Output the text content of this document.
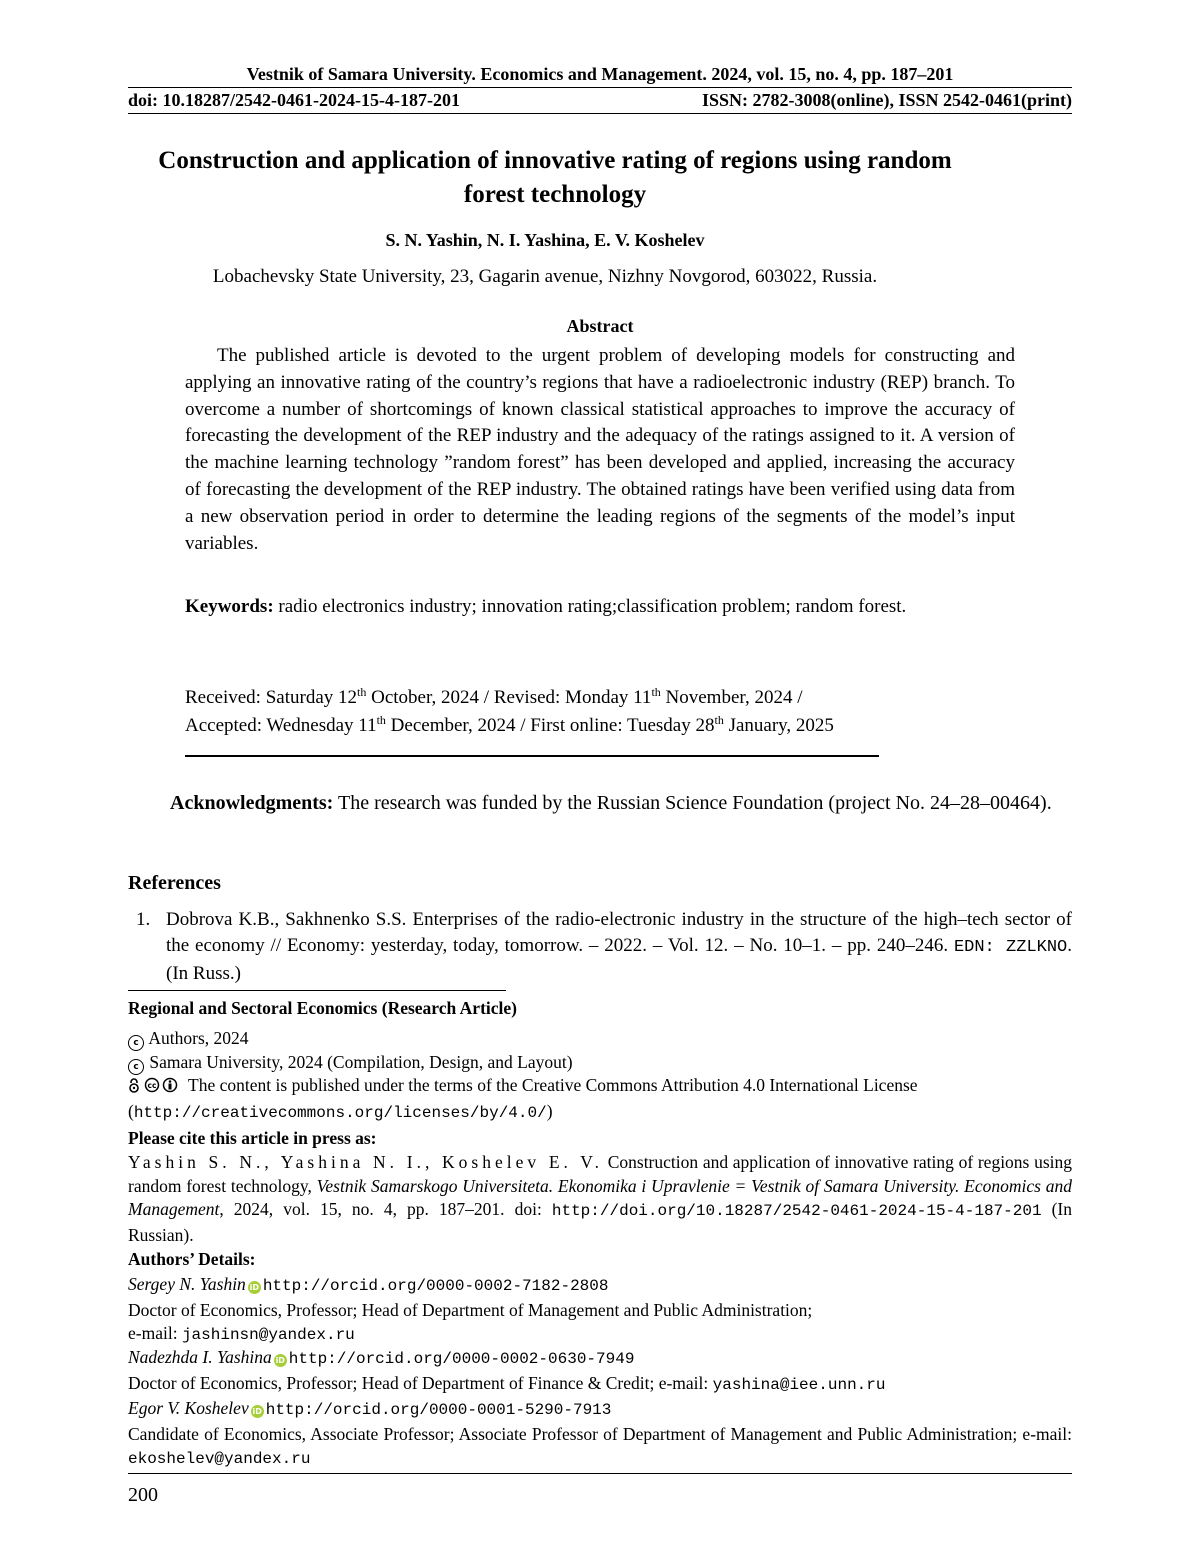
Vestnik of Samara University. Economics and Management. 2024, vol. 15, no. 4, pp. 187–201
doi: 10.18287/2542-0461-2024-15-4-187-201	ISSN: 2782-3008(online), ISSN 2542-0461(print)
Construction and application of innovative rating of regions using random forest technology
S. N. Yashin, N. I. Yashina, E. V. Koshelev
Lobachevsky State University, 23, Gagarin avenue, Nizhny Novgorod, 603022, Russia.
Abstract
The published article is devoted to the urgent problem of developing models for constructing and applying an innovative rating of the country’s regions that have a radioelectronic industry (REP) branch. To overcome a number of shortcomings of known classical statistical approaches to improve the accuracy of forecasting the development of the REP industry and the adequacy of the ratings assigned to it. A version of the machine learning technology ”random forest” has been developed and applied, increasing the accuracy of forecasting the development of the REP industry. The obtained ratings have been verified using data from a new observation period in order to determine the leading regions of the segments of the model’s input variables.
Keywords: radio electronics industry; innovation rating;classification problem; random forest.
Received: Saturday 12th October, 2024 / Revised: Monday 11th November, 2024 /
Accepted: Wednesday 11th December, 2024 / First online: Tuesday 28th January, 2025
Acknowledgments: The research was funded by the Russian Science Foundation (project No. 24–28–00464).
References
1. Dobrova K.B., Sakhnenko S.S. Enterprises of the radio-electronic industry in the structure of the high–tech sector of the economy // Economy: yesterday, today, tomorrow. – 2022. – Vol. 12. – No. 10–1. – pp. 240–246. EDN: ZZLKNO. (In Russ.)
Regional and Sectoral Economics (Research Article)
c Authors, 2024
c Samara University, 2024 (Compilation, Design, and Layout)
cc The content is published under the terms of the Creative Commons Attribution 4.0 International License
(http://creativecommons.org/licenses/by/4.0/)
Please cite this article in press as:
Yashin S. N., Yashina N. I., Koshelev E. V. Construction and application of innovative rating of regions using random forest technology, Vestnik Samarskogo Universiteta. Ekonomika i Upravlenie = Vestnik of Samara University. Economics and Management, 2024, vol. 15, no. 4, pp. 187–201. doi: http://doi.org/10.18287/2542-0461-2024-15-4-187-201 (In Russian).
Authors’ Details:
Sergey N. Yashin iD http://orcid.org/0000-0002-7182-2808
Doctor of Economics, Professor; Head of Department of Management and Public Administration;
e-mail: jashinsn@yandex.ru
Nadezhda I. Yashina iD http://orcid.org/0000-0002-0630-7949
Doctor of Economics, Professor; Head of Department of Finance & Credit; e-mail: yashina@iee.unn.ru
Egor V. Koshelev iD http://orcid.org/0000-0001-5290-7913
Candidate of Economics, Associate Professor; Associate Professor of Department of Management and Public Administration; e-mail: ekoshelev@yandex.ru
200
